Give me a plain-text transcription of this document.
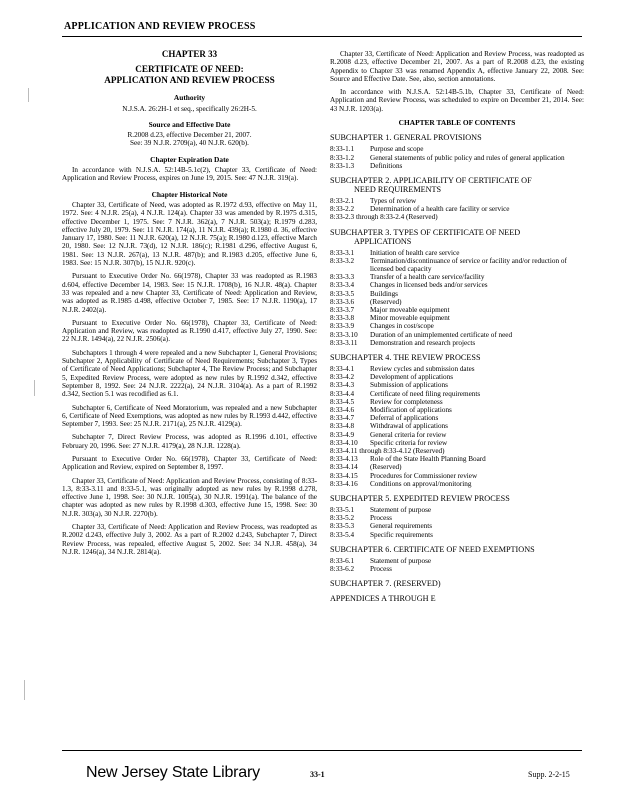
APPLICATION AND REVIEW PROCESS
CHAPTER 33
CERTIFICATE OF NEED:
APPLICATION AND REVIEW PROCESS
Authority
N.J.S.A. 26:2H-1 et seq., specifically 26:2H-5.
Source and Effective Date
R.2008 d.23, effective December 21, 2007.
See: 39 N.J.R. 2709(a), 40 N.J.R. 620(b).
Chapter Expiration Date

In accordance with N.J.S.A. 52:14B-5.1c(2), Chapter 33, Certificate of Need: Application and Review Process, expires on June 19, 2015. See: 47 N.J.R. 319(a).

Chapter Historical Note

Chapter 33, Certificate of Need, was adopted as R.1972 d.93, effective on May 11, 1972. See: 4 N.J.R. 25(a), 4 N.J.R. 124(a). Chapter 33 was amended by R.1975 d.315, effective December 1, 1975. See: 7 N.J.R. 362(a), 7 N.J.R. 503(a); R.1979 d.283, effective July 20, 1979. See: 11 N.J.R. 174(a), 11 N.J.R. 439(a); R.1980 d. 36, effective January 17, 1980. See: 11 N.J.R. 620(a), 12 N.J.R. 75(a); R.1980 d.123, effective March 20, 1980. See: 12 N.J.R. 73(d), 12 N.J.R. 186(c); R.1981 d.296, effective August 6, 1981. See: 13 N.J.R. 267(a), 13 N.J.R. 487(b); and R.1983 d.205, effective June 6, 1983. See: 15 N.J.R. 307(b), 15 N.J.R. 920(c).

Pursuant to Executive Order No. 66(1978), Chapter 33 was readopted as R.1983 d.604, effective December 14, 1983. See: 15 N.J.R. 1708(b), 16 N.J.R. 48(a). Chapter 33 was repealed and a new Chapter 33, Certificate of Need: Application and Review, was adopted as R.1985 d.498, effective October 7, 1985. See: 17 N.J.R. 1190(a), 17 N.J.R. 2402(a).

Pursuant to Executive Order No. 66(1978), Chapter 33, Certificate of Need: Application and Review, was readopted as R.1990 d.417, effective July 27, 1990. See: 22 N.J.R. 1494(a), 22 N.J.R. 2506(a).

Subchapters 1 through 4 were repealed and a new Subchapter 1, General Provisions; Subchapter 2, Applicability of Certificate of Need Requirements; Subchapter 3, Types of Certificate of Need Applications; Subchapter 4, The Review Process; and Subchapter 5, Expedited Review Process, were adopted as new rules by R.1992 d.342, effective September 8, 1992. See: 24 N.J.R. 2222(a), 24 N.J.R. 3104(a). As a part of R.1992 d.342, Section 5.1 was recodified as 6.1.

Subchapter 6, Certificate of Need Moratorium, was repealed and a new Subchapter 6, Certificate of Need Exemptions, was adopted as new rules by R.1993 d.442, effective September 7, 1993. See: 25 N.J.R. 2171(a), 25 N.J.R. 4129(a).

Subchapter 7, Direct Review Process, was adopted as R.1996 d.101, effective February 20, 1996. See: 27 N.J.R. 4179(a), 28 N.J.R. 1228(a).

Pursuant to Executive Order No. 66(1978), Chapter 33, Certificate of Need: Application and Review, expired on September 8, 1997.

Chapter 33, Certificate of Need: Application and Review Process, consisting of 8:33-1.3, 8:33-3.11 and 8:33-5.1, was originally adopted as new rules by R.1998 d.278, effective June 1, 1998. See: 30 N.J.R. 1005(a), 30 N.J.R. 1991(a). The balance of the chapter was adopted as new rules by R.1998 d.303, effective June 15, 1998. See: 30 N.J.R. 303(a), 30 N.J.R. 2270(b).

Chapter 33, Certificate of Need: Application and Review Process, was readopted as R.2002 d.243, effective July 3, 2002. As a part of R.2002 d.243, Subchapter 7, Direct Review Process, was repealed, effective August 5, 2002. See: 34 N.J.R. 458(a), 34 N.J.R. 1246(a), 34 N.J.R. 2814(a).

Chapter 33, Certificate of Need: Application and Review Process, was readopted as R.2008 d.23, effective December 21, 2007. As a part of R.2008 d.23, the existing Appendix to Chapter 33 was renamed Appendix A, effective January 22, 2008. See: Source and Effective Date. See, also, section annotations.

In accordance with N.J.S.A. 52:14B-5.1b, Chapter 33, Certificate of Need: Application and Review Process, was scheduled to expire on December 21, 2014. See: 43 N.J.R. 1203(a).

CHAPTER TABLE OF CONTENTS
SUBCHAPTER 1. GENERAL PROVISIONS
8:33-1.1	Purpose and scope
8:33-1.2	General statements of public policy and rules of general application
8:33-1.3	Definitions
SUBCHAPTER 2. APPLICABILITY OF CERTIFICATE OF
NEED REQUIREMENTS
8:33-2.1	Types of review
8:33-2.2	Determination of a health care facility or service
8:33-2.3 through 8:33-2.4 (Reserved)
SUBCHAPTER 3. TYPES OF CERTIFICATE OF NEED
APPLICATIONS
8:33-3.1	Initiation of health care service
8:33-3.2	Termination/discontinuance of service or facility and/or reduction of licensed bed capacity
8:33-3.3	Transfer of a health care service/facility
8:33-3.4	Changes in licensed beds and/or services
8:33-3.5	Buildings
8:33-3.6	(Reserved)
8:33-3.7	Major moveable equipment
8:33-3.8	Minor moveable equipment
8:33-3.9	Changes in cost/scope
8:33-3.10	Duration of an unimplemented certificate of need
8:33-3.11	Demonstration and research projects
SUBCHAPTER 4. THE REVIEW PROCESS
8:33-4.1	Review cycles and submission dates
8:33-4.2	Development of applications
8:33-4.3	Submission of applications
8:33-4.4	Certificate of need filing requirements
8:33-4.5	Review for completeness
8:33-4.6	Modification of applications
8:33-4.7	Deferral of applications
8:33-4.8	Withdrawal of applications
8:33-4.9	General criteria for review
8:33-4.10	Specific criteria for review
8:33-4.11 through 8:33-4.12 (Reserved)
8:33-4.13	Role of the State Health Planning Board
8:33-4.14	(Reserved)
8:33-4.15	Procedures for Commissioner review
8:33-4.16	Conditions on approval/monitoring
SUBCHAPTER 5. EXPEDITED REVIEW PROCESS
8:33-5.1	Statement of purpose
8:33-5.2	Process
8:33-5.3	General requirements
8:33-5.4	Specific requirements
SUBCHAPTER 6. CERTIFICATE OF NEED EXEMPTIONS
8:33-6.1	Statement of purpose
8:33-6.2	Process
SUBCHAPTER 7. (RESERVED)
APPENDICES A THROUGH E
New Jersey State Library	33-1	Supp. 2-2-15
